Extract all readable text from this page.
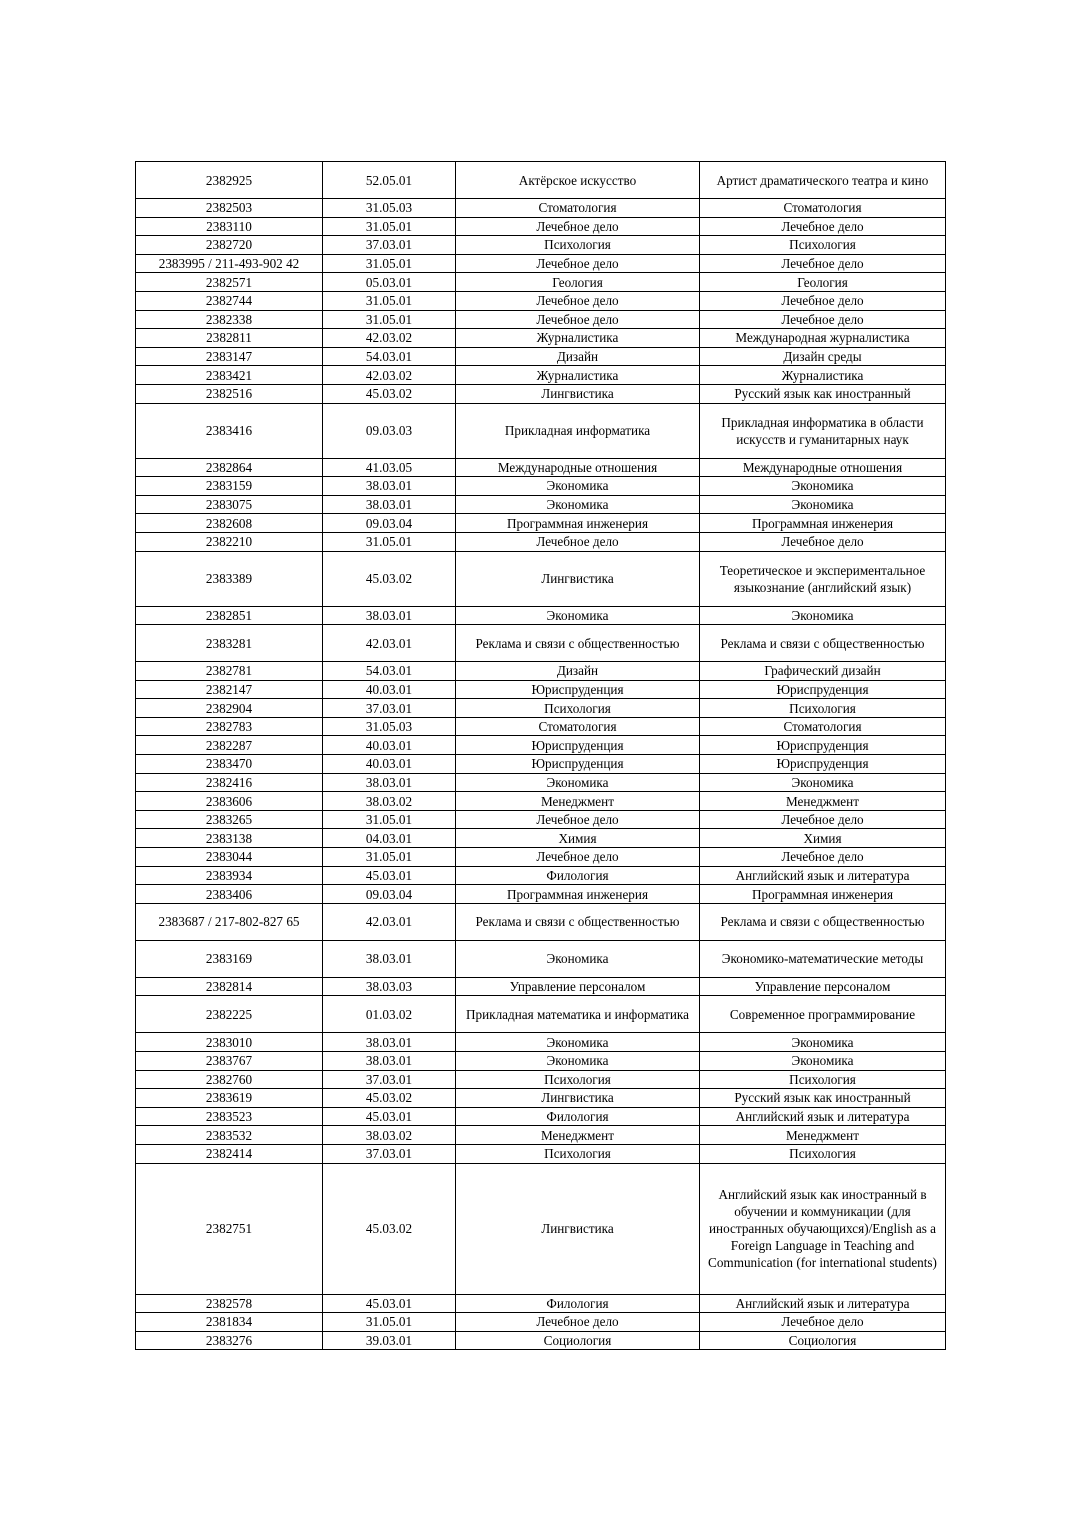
2382925	52.05.01	Актёрское искусство	Артист драматического театра и кино
2382503	31.05.03	Стоматология	Стоматология
2383110	31.05.01	Лечебное дело	Лечебное дело
2382720	37.03.01	Психология	Психология
2383995 / 211-493-902 42	31.05.01	Лечебное дело	Лечебное дело
2382571	05.03.01	Геология	Геология
2382744	31.05.01	Лечебное дело	Лечебное дело
2382338	31.05.01	Лечебное дело	Лечебное дело
2382811	42.03.02	Журналистика	Международная журналистика
2383147	54.03.01	Дизайн	Дизайн среды
2383421	42.03.02	Журналистика	Журналистика
2382516	45.03.02	Лингвистика	Русский язык как иностранный
2383416	09.03.03	Прикладная информатика	Прикладная информатика в области искусств и гуманитарных наук
2382864	41.03.05	Международные отношения	Международные отношения
2383159	38.03.01	Экономика	Экономика
2383075	38.03.01	Экономика	Экономика
2382608	09.03.04	Программная инженерия	Программная инженерия
2382210	31.05.01	Лечебное дело	Лечебное дело
2383389	45.03.02	Лингвистика	Теоретическое и экспериментальное языкознание (английский язык)
2382851	38.03.01	Экономика	Экономика
2383281	42.03.01	Реклама и связи с общественностью	Реклама и связи с общественностью
2382781	54.03.01	Дизайн	Графический дизайн
2382147	40.03.01	Юриспруденция	Юриспруденция
2382904	37.03.01	Психология	Психология
2382783	31.05.03	Стоматология	Стоматология
2382287	40.03.01	Юриспруденция	Юриспруденция
2383470	40.03.01	Юриспруденция	Юриспруденция
2382416	38.03.01	Экономика	Экономика
2383606	38.03.02	Менеджмент	Менеджмент
2383265	31.05.01	Лечебное дело	Лечебное дело
2383138	04.03.01	Химия	Химия
2383044	31.05.01	Лечебное дело	Лечебное дело
2383934	45.03.01	Филология	Английский язык и литература
2383406	09.03.04	Программная инженерия	Программная инженерия
2383687 / 217-802-827 65	42.03.01	Реклама и связи с общественностью	Реклама и связи с общественностью
2383169	38.03.01	Экономика	Экономико-математические методы
2382814	38.03.03	Управление персоналом	Управление персоналом
2382225	01.03.02	Прикладная математика и информатика	Современное программирование
2383010	38.03.01	Экономика	Экономика
2383767	38.03.01	Экономика	Экономика
2382760	37.03.01	Психология	Психология
2383619	45.03.02	Лингвистика	Русский язык как иностранный
2383523	45.03.01	Филология	Английский язык и литература
2383532	38.03.02	Менеджмент	Менеджмент
2382414	37.03.01	Психология	Психология
2382751	45.03.02	Лингвистика	Английский язык как иностранный в обучении и коммуникации (для иностранных обучающихся)/English as a Foreign Language in Teaching and Communication (for international students)
2382578	45.03.01	Филология	Английский язык и литература
2381834	31.05.01	Лечебное дело	Лечебное дело
2383276	39.03.01	Социология	Социология
